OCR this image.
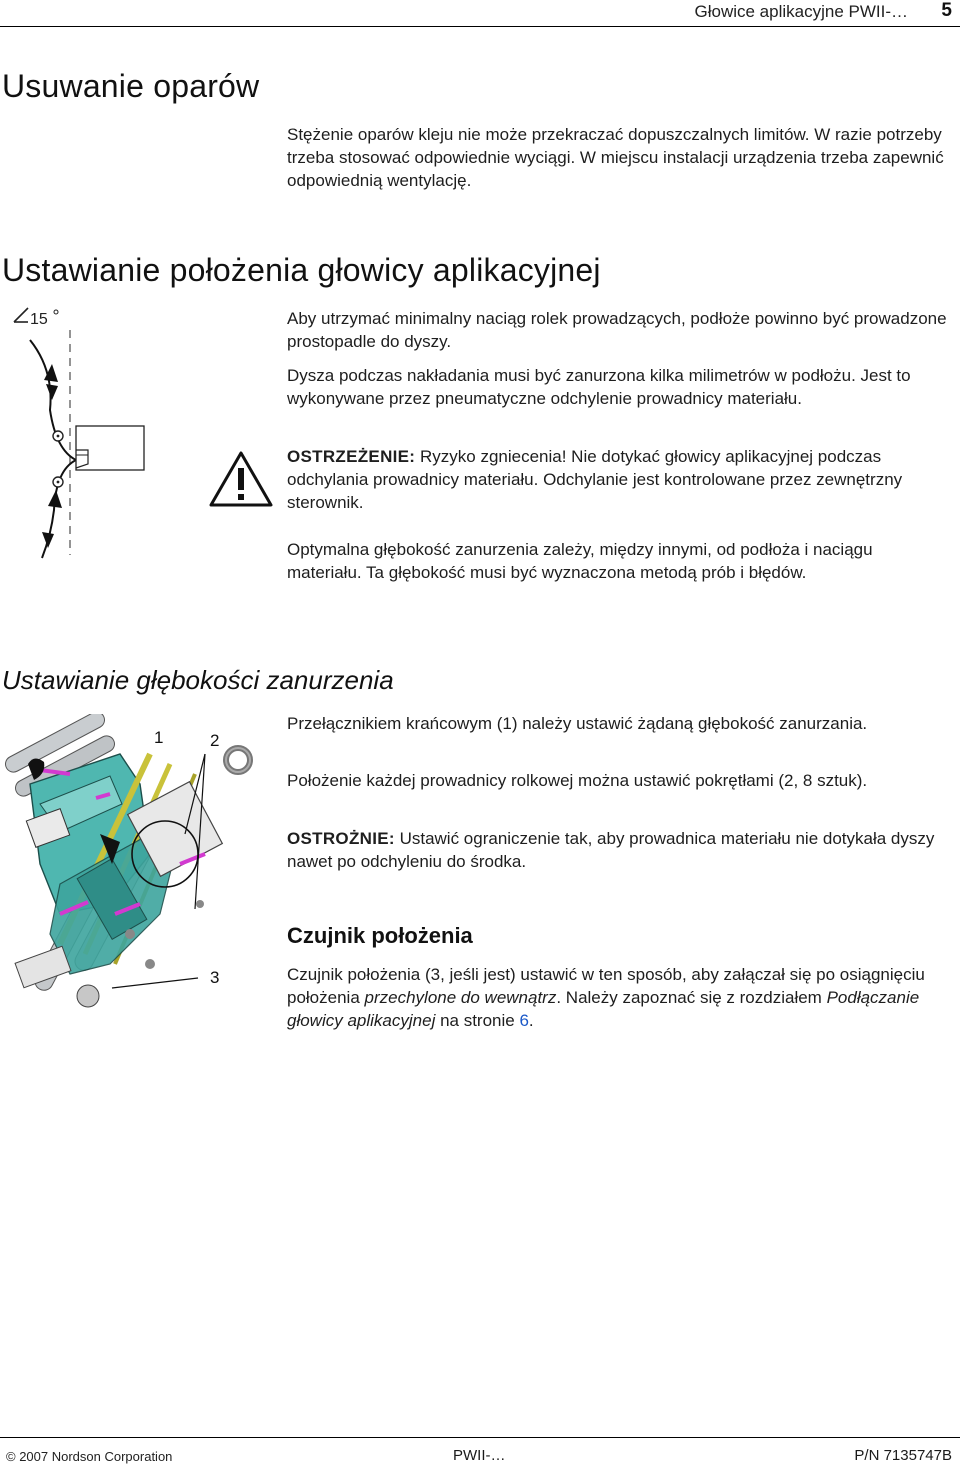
Głowice aplikacyjne PWII-… 5
Usuwanie oparów

Stężenie oparów kleju nie może przekraczać dopuszczalnych limitów. W razie potrzeby trzeba stosować odpowiednie wyciągi. W miejscu instalacji urządzenia trzeba zapewnić odpowiednią wentylację.

Ustawianie położenia głowicy aplikacyjnej
15	Aby utrzymać minimalny naciąg rolek prowadzących, podłoże powinno być prowadzone prostopadle do dyszy.

Dysza podczas nakładania musi być zanurzona kilka milimetrów w podłożu. Jest to wykonywane przez pneumatyczne odchylenie prowadnicy materiału.

OSTRZEŻENIE: Ryzyko zgniecenia! Nie dotykać głowicy aplikacyjnej podczas odchylania prowadnicy materiału. Odchylanie jest kontrolowane przez zewnętrzny sterownik.

Optymalna głębokość zanurzenia zależy, między innymi, od podłoża i naciągu materiału. Ta głębokość musi być wyznaczona metodą prób i błędów.

Ustawianie głębokości zanurzenia
1	2
3

Przełącznikiem krańcowym (1) należy ustawić żądaną głębokość zanurzania.

Położenie każdej prowadnicy rolkowej można ustawić pokrętłami (2, 8 sztuk).

OSTROŻNIE: Ustawić ograniczenie tak, aby prowadnica materiału nie dotykała dyszy nawet po odchyleniu do środka.

Czujnik położenia

Czujnik położenia (3, jeśli jest) ustawić w ten sposób, aby załączał się po osiągnięciu położenia przechylone do wewnątrz. Należy zapoznać się z rozdziałem Podłączanie głowicy aplikacyjnej na stronie 6.

© 2007 Nordson Corporation	PWII-…	P/N 7135747B
